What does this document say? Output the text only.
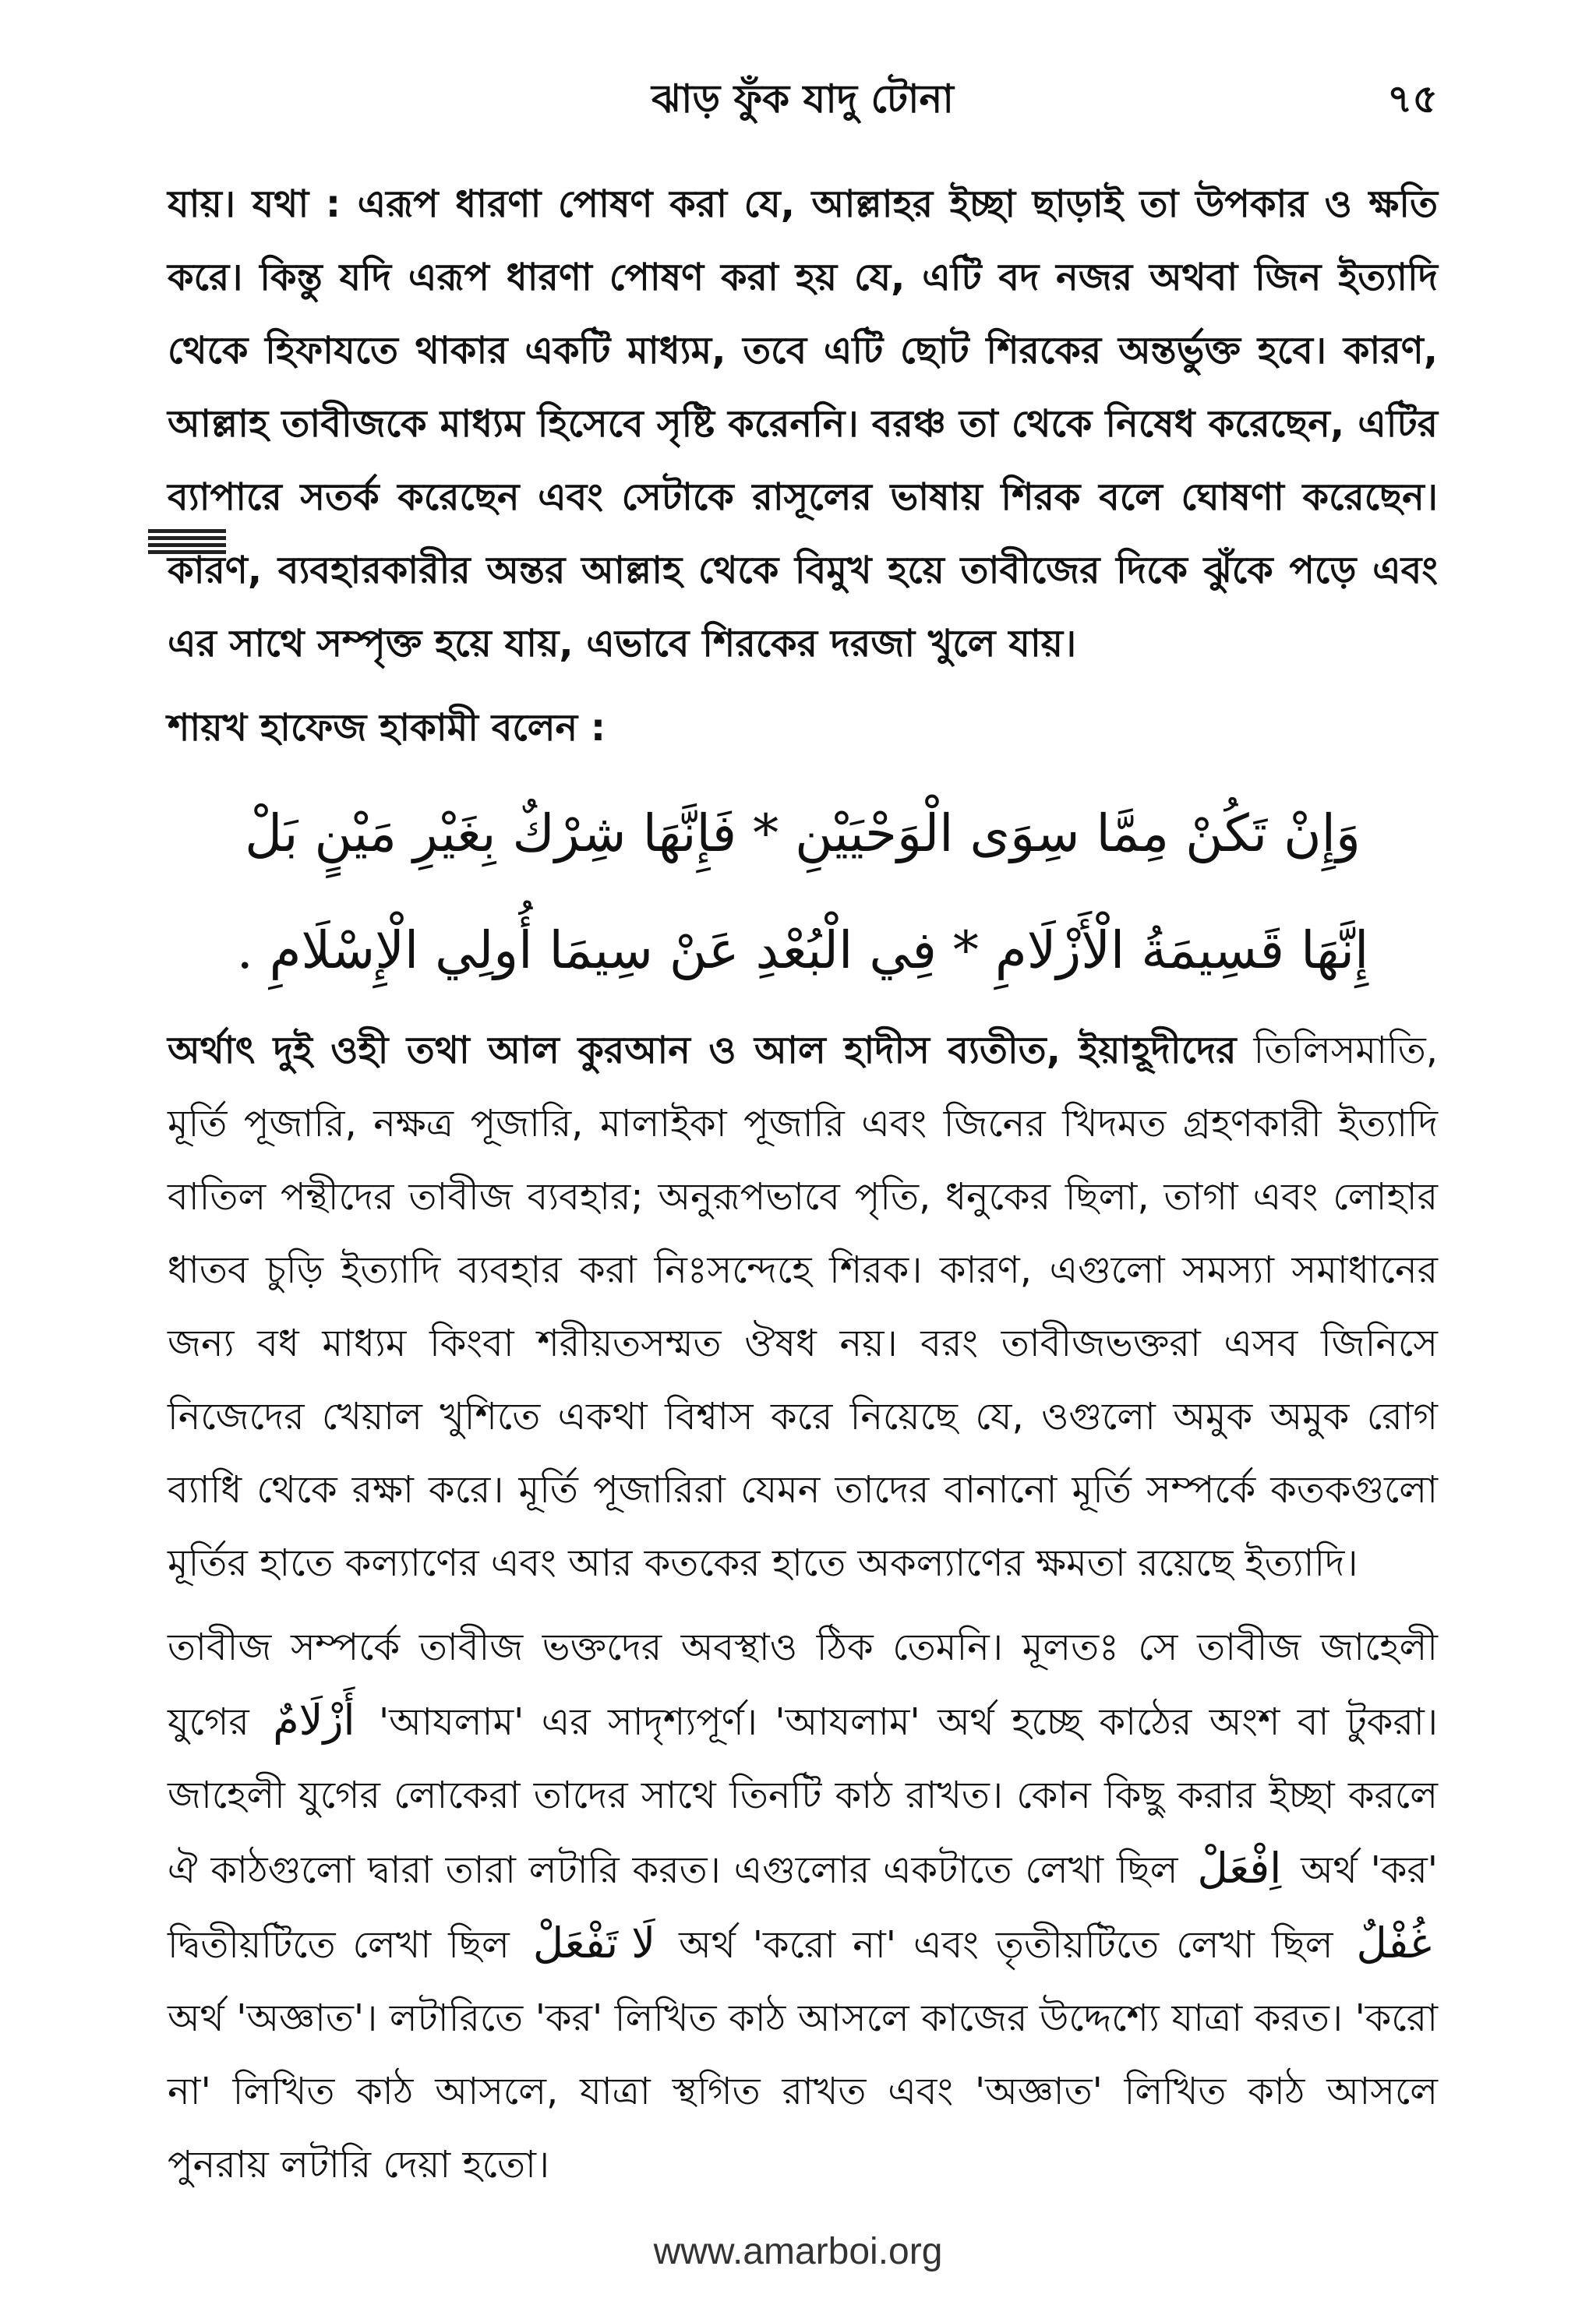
ঝাড় ফুঁক যাদু টোনা	৭৫

যায়। যথা : এরূপ ধারণা পোষণ করা যে, আল্লাহর ইচ্ছা ছাড়াই তা উপকার ও ক্ষতি করে। কিন্তু যদি এরূপ ধারণা পোষণ করা হয় যে, এটি বদ নজর অথবা জিন ইত্যাদি থেকে হিফাযতে থাকার একটি মাধ্যম, তবে এটি ছোট শিরকের অন্তর্ভুক্ত হবে। কারণ, আল্লাহ তাবীজকে মাধ্যম হিসেবে সৃষ্টি করেননি। বরঞ্চ তা থেকে নিষেধ করেছেন, এটির ব্যাপারে সতর্ক করেছেন এবং সেটাকে রাসূলের ভাষায় শিরক বলে ঘোষণা করেছেন। কারণ, ব্যবহারকারীর অন্তর আল্লাহ থেকে বিমুখ হয়ে তাবীজের দিকে ঝুঁকে পড়ে এবং এর সাথে সম্পৃক্ত হয়ে যায়, এভাবে শিরকের দরজা খুলে যায়।

শায়খ হাফেজ হাকামী বলেন :

وَإِنْ تَكُنْ مِمَّا سِوَى الْوَحْيَيْنِ * فَإِنَّهَا شِرْكٌ بِغَيْرِ مَيْنٍ بَلْ
إِنَّهَا قَسِيمَةُ الْأَزْلَامِ * فِي الْبُعْدِ عَنْ سِيمَا أُولِي الْإِسْلَامِ .

অর্থাৎ দুই ওহী তথা আল কুরআন ও আল হাদীস ব্যতীত, ইয়াহূদীদের তিলিসমাতি, মূর্তি পূজারি, নক্ষত্র পূজারি, মালাইকা পূজারি এবং জিনের খিদমত গ্রহণকারী ইত্যাদি বাতিল পন্থীদের তাবীজ ব্যবহার; অনুরূপভাবে পৃতি, ধনুকের ছিলা, তাগা এবং লোহার ধাতব চুড়ি ইত্যাদি ব্যবহার করা নিঃসন্দেহে শিরক। কারণ, এগুলো সমস্যা সমাধানের জন্য বধ মাধ্যম কিংবা শরীয়তসম্মত ঔষধ নয়। বরং তাবীজভক্তরা এসব জিনিসে নিজেদের খেয়াল খুশিতে একথা বিশ্বাস করে নিয়েছে যে, ওগুলো অমুক অমুক রোগ ব্যাধি থেকে রক্ষা করে। মূর্তি পূজারিরা যেমন তাদের বানানো মূর্তি সম্পর্কে কতকগুলো মূর্তির হাতে কল্যাণের এবং আর কতকের হাতে অকল্যাণের ক্ষমতা রয়েছে ইত্যাদি।

তাবীজ সম্পর্কে তাবীজ ভক্তদের অবস্থাও ঠিক তেমনি। মূলতঃ সে তাবীজ জাহেলী যুগের أَزْلَامٌ 'আযলাম' এর সাদৃশ্যপূর্ণ। 'আযলাম' অর্থ হচ্ছে কাঠের অংশ বা টুকরা। জাহেলী যুগের লোকেরা তাদের সাথে তিনটি কাঠ রাখত। কোন কিছু করার ইচ্ছা করলে ঐ কাঠগুলো দ্বারা তারা লটারি করত। এগুলোর একটাতে লেখা ছিল اِفْعَلْ অর্থ 'কর' দ্বিতীয়টিতে লেখা ছিল لَا تَفْعَلْ অর্থ 'করো না' এবং তৃতীয়টিতে লেখা ছিল غُفْلٌ অর্থ 'অজ্ঞাত'। লটারিতে 'কর' লিখিত কাঠ আসলে কাজের উদ্দেশ্যে যাত্রা করত। 'করো না' লিখিত কাঠ আসলে, যাত্রা স্থগিত রাখত এবং 'অজ্ঞাত' লিখিত কাঠ আসলে পুনরায় লটারি দেয়া হতো।

www.amarboi.org
